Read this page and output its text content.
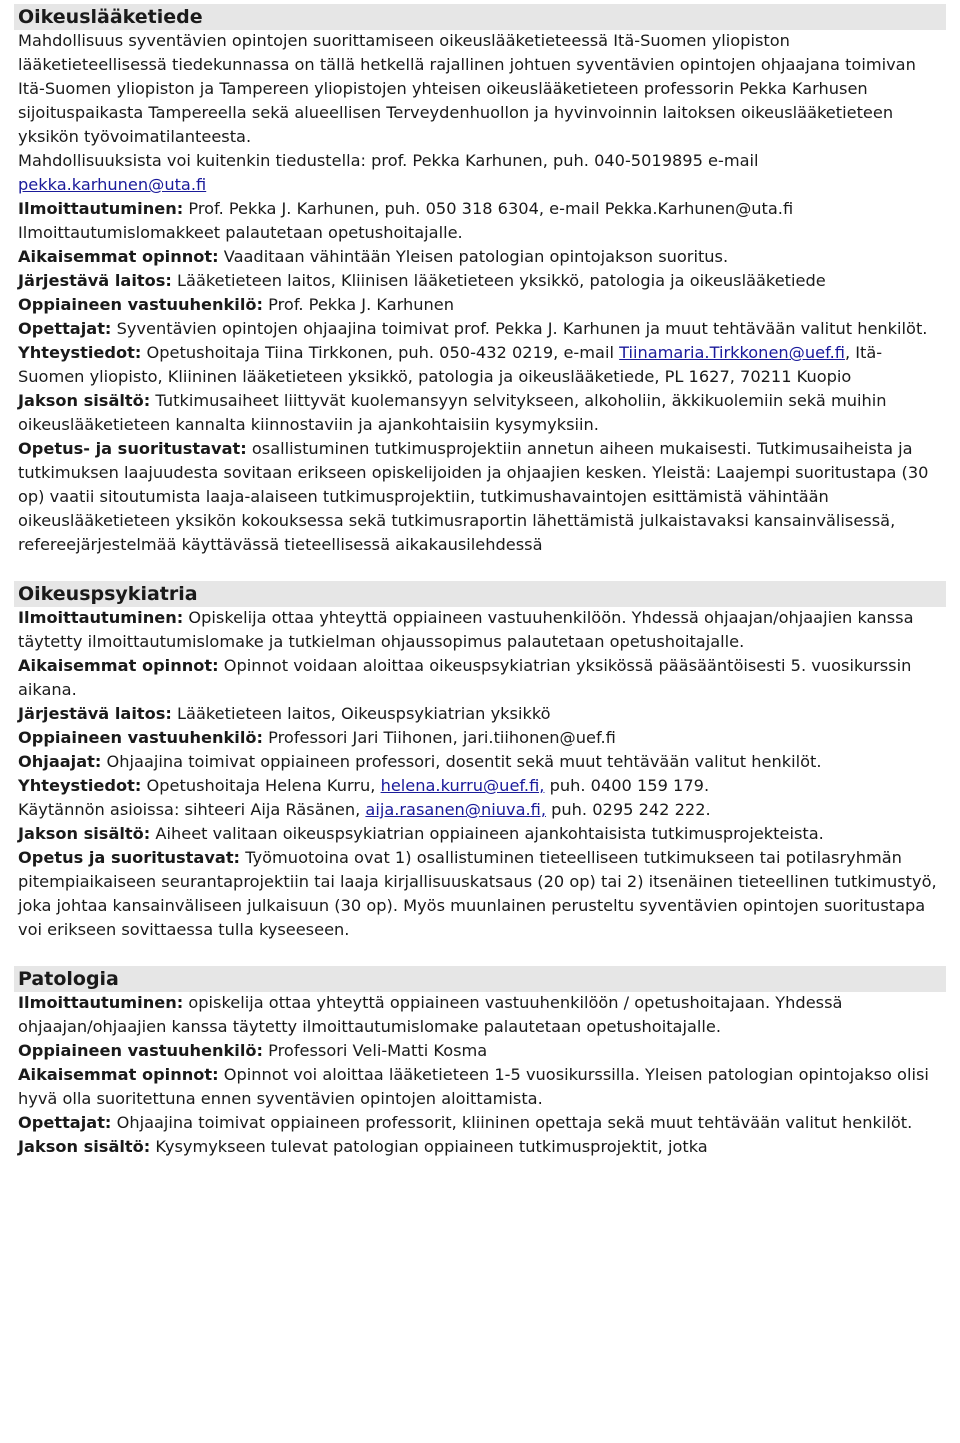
Oikeuslääketiede

Mahdollisuus syventävien opintojen suorittamiseen oikeuslääketieteessä Itä-Suomen yliopiston lääketieteellisessä tiedekunnassa on tällä hetkellä rajallinen johtuen syventävien opintojen ohjaajana toimivan Itä-Suomen yliopiston ja Tampereen yliopistojen yhteisen oikeuslääketieteen professorin Pekka Karhusen sijoituspaikasta Tampereella sekä alueellisen Terveydenhuollon ja hyvinvoinnin laitoksen oikeuslääketieteen yksikön työvoimatilanteesta.

Mahdollisuuksista voi kuitenkin tiedustella: prof. Pekka Karhunen, puh. 040-5019895 e-mail pekka.karhunen@uta.fi

Ilmoittautuminen: Prof. Pekka J. Karhunen, puh. 050 318 6304, e-mail Pekka.Karhunen@uta.fi Ilmoittautumislomakkeet palautetaan opetushoitajalle.

Aikaisemmat opinnot: Vaaditaan vähintään Yleisen patologian opintojakson suoritus.

Järjestävä laitos: Lääketieteen laitos, Kliinisen lääketieteen yksikkö, patologia ja oikeuslääketiede

Oppiaineen vastuuhenkilö: Prof. Pekka J. Karhunen

Opettajat: Syventävien opintojen ohjaajina toimivat prof. Pekka J. Karhunen ja muut tehtävään valitut henkilöt.

Yhteystiedot: Opetushoitaja Tiina Tirkkonen, puh. 050-432 0219, e-mail Tiinamaria.Tirkkonen@uef.fi, Itä-Suomen yliopisto, Kliininen lääketieteen yksikkö, patologia ja oikeuslääketiede, PL 1627, 70211 Kuopio

Jakson sisältö: Tutkimusaiheet liittyvät kuolemansyyn selvitykseen, alkoholiin, äkkikuolemiin sekä muihin oikeuslääketieteen kannalta kiinnostaviin ja ajankohtaisiin kysymyksiin.

Opetus- ja suoritustavat: osallistuminen tutkimusprojektiin annetun aiheen mukaisesti. Tutkimusaiheista ja tutkimuksen laajuudesta sovitaan erikseen opiskelijoiden ja ohjaajien kesken. Yleistä: Laajempi suoritustapa (30 op) vaatii sitoutumista laaja-alaiseen tutkimusprojektiin, tutkimushavaintojen esittämistä vähintään oikeuslääketieteen yksikön kokouksessa sekä tutkimusraportin lähettämistä julkaistavaksi kansainvälisessä, refereejärjestelmää käyttävässä tieteellisessä aikakausilehdessä

Oikeuspsykiatria

Ilmoittautuminen: Opiskelija ottaa yhteyttä oppiaineen vastuuhenkilöön. Yhdessä ohjaajan/ohjaajien kanssa täytetty ilmoittautumislomake ja tutkielman ohjaussopimus palautetaan opetushoitajalle.

Aikaisemmat opinnot: Opinnot voidaan aloittaa oikeuspsykiatrian yksikössä pääsääntöisesti 5. vuosikurssin aikana.

Järjestävä laitos: Lääketieteen laitos, Oikeuspsykiatrian yksikkö

Oppiaineen vastuuhenkilö: Professori Jari Tiihonen, jari.tiihonen@uef.fi

Ohjaajat: Ohjaajina toimivat oppiaineen professori, dosentit sekä muut tehtävään valitut henkilöt.

Yhteystiedot: Opetushoitaja Helena Kurru, helena.kurru@uef.fi, puh. 0400 159 179.

Käytännön asioissa: sihteeri Aija Räsänen, aija.rasanen@niuva.fi, puh. 0295 242 222.

Jakson sisältö: Aiheet valitaan oikeuspsykiatrian oppiaineen ajankohtaisista tutkimusprojekteista.

Opetus ja suoritustavat: Työmuotoina ovat 1) osallistuminen tieteelliseen tutkimukseen tai potilasryhmän pitempiaikaiseen seurantaprojektiin tai laaja kirjallisuuskatsaus (20 op) tai 2) itsenäinen tieteellinen tutkimustyö, joka johtaa kansainväliseen julkaisuun (30 op). Myös muunlainen perusteltu syventävien opintojen suoritustapa voi erikseen sovittaessa tulla kyseeseen.

Patologia

Ilmoittautuminen: opiskelija ottaa yhteyttä oppiaineen vastuuhenkilöön / opetushoitajaan. Yhdessä ohjaajan/ohjaajien kanssa täytetty ilmoittautumislomake palautetaan opetushoitajalle.

Oppiaineen vastuuhenkilö: Professori Veli-Matti Kosma

Aikaisemmat opinnot: Opinnot voi aloittaa lääketieteen 1-5 vuosikurssilla. Yleisen patologian opintojakso olisi hyvä olla suoritettuna ennen syventävien opintojen aloittamista.

Opettajat: Ohjaajina toimivat oppiaineen professorit, kliininen opettaja sekä muut tehtävään valitut henkilöt.

Jakson sisältö: Kysymykseen tulevat patologian oppiaineen tutkimusprojektit, jotka
